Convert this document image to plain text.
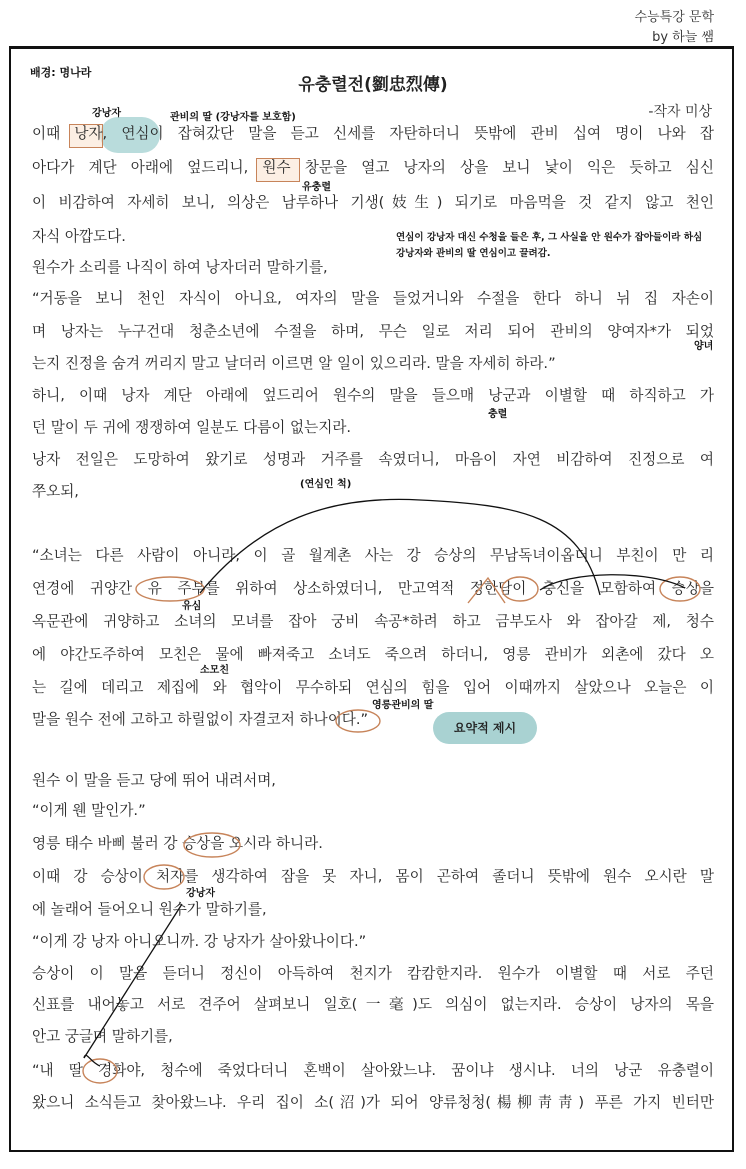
수능특강 문학
by 하늘 쌤
요약적 제시
유충렬전(劉忠烈傳)
-작자 미상
이때 낭자, 연심이 잡혀갔단 말을 듣고 신세를 자탄하더니 뜻밖에 관비 십여 명이 나와 잡
아다가 계단 아래에 엎드리니, 원수 창문을 열고 낭자의 상을 보니 낯이 익은 듯하고 심신
이 비감하여 자세히 보니, 의상은 남루하나 기생(妓生) 되기로 마음먹을 것 같지 않고 천인
자식 아깝도다.
원수가 소리를 나직이 하여 낭자더러 말하기를,
“거동을 보니 천인 자식이 아니요, 여자의 말을 들었거니와 수절을 한다 하니 뉘 집 자손이
며 낭자는 누구건대 청춘소년에 수절을 하며, 무슨 일로 저리 되어 관비의 양여자*가 되었
는지 진정을 숨겨 꺼리지 말고 날더러 이르면 알 일이 있으리라. 말을 자세히 하라.”
하니, 이때 낭자 계단 아래에 엎드리어 원수의 말을 들으매 낭군과 이별할 때 하직하고 가
던 말이 두 귀에 쟁쟁하여 일분도 다름이 없는지라.
낭자 전일은 도망하여 왔기로 성명과 거주를 속였더니, 마음이 자연 비감하여 진정으로 여
쭈오되,
“소녀는 다른 사람이 아니라, 이 골 월계촌 사는 강 승상의 무남독녀이옵더니 부친이 만 리
연경에 귀양간 유 주부를 위하여 상소하였더니, 만고역적 정한담이 충신을 모함하여 승상을
옥문관에 귀양하고 소녀의 모녀를 잡아 궁비 속공*하려 하고 금부도사 와 잡아갈 제, 청수
에 야간도주하여 모친은 물에 빠져죽고 소녀도 죽으려 하더니, 영릉 관비가 외촌에 갔다 오
는 길에 데리고 제집에 와 협악이 무수하되 연심의 힘을 입어 이때까지 살았으나 오늘은 이
말을 원수 전에 고하고 하릴없이 자결코저 하나이다.”
원수 이 말을 듣고 당에 뛰어 내려서며,
“이게 웬 말인가.”
영릉 태수 바삐 불러 강 승상을 오시라 하니라.
이때 강 승상이 처자를 생각하여 잠을 못 자니, 몸이 곤하여 졸더니 뜻밖에 원수 오시란 말
에 놀래어 들어오니 원수가 말하기를,
“이게 강 낭자 아니오니까. 강 낭자가 살아왔나이다.”
승상이 이 말을 듣더니 정신이 아득하여 천지가 캄캄한지라. 원수가 이별할 때 서로 주던
신표를 내어놓고 서로 견주어 살펴보니 일호(一毫)도 의심이 없는지라. 승상이 낭자의 목을
안고 궁글며 말하기를,
“내 딸 경화야, 청수에 죽었다더니 혼백이 살아왔느냐. 꿈이냐 생시냐. 너의 낭군 유충렬이
왔으니 소식듣고 찾아왔느냐. 우리 집이 소(沼)가 되어 양류청청(楊柳靑靑) 푸른 가지 빈터만
배경: 명나라
강낭자	관비의 딸 (강낭자를 보호함)
유충렬
연심이 강낭자 대신 수청을 들은 후, 그 사실을 안 원수가 잡아들이라 하심
강낭자와 관비의 딸 연심이고 끌려감.
양녀
충렬
(연심인 척)
유심
소모친
영릉관비의 딸
강낭자
